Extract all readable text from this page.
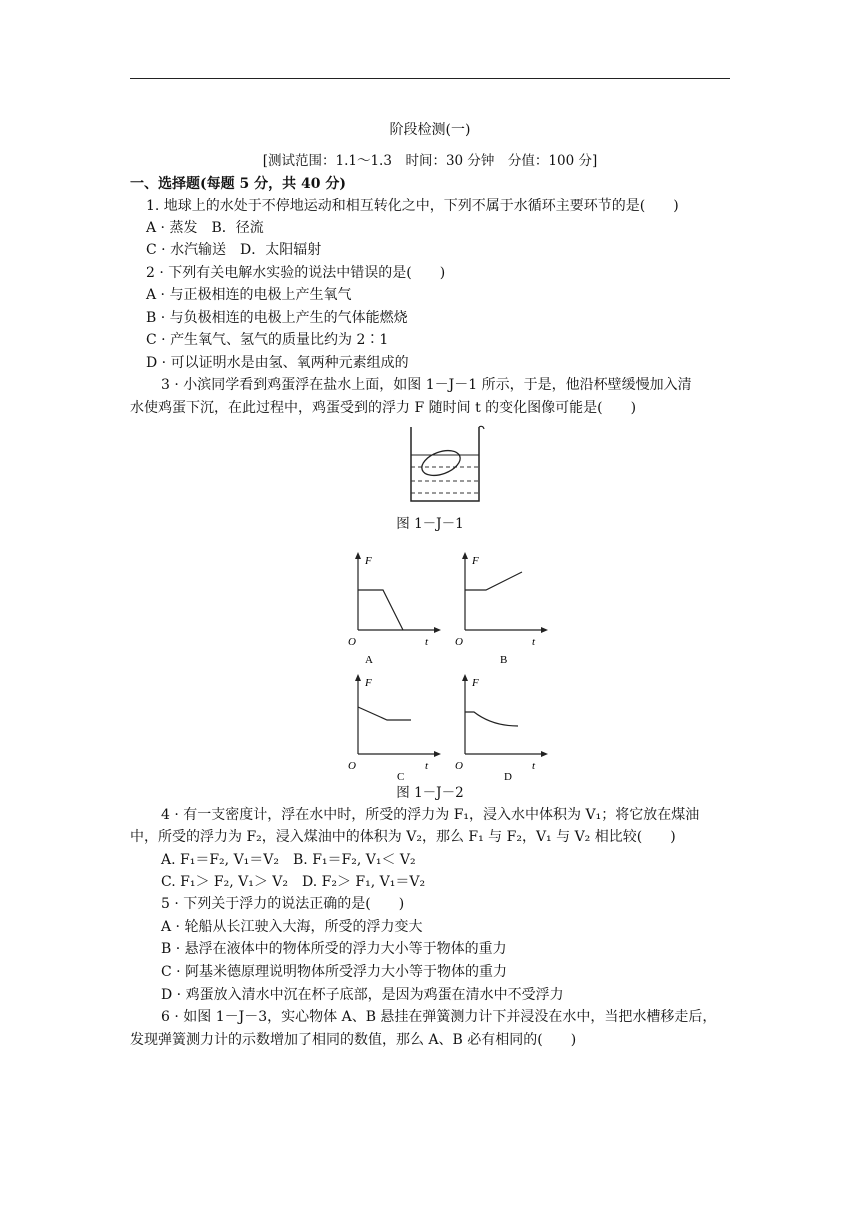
阶段检测(一)
[测试范围：1.1～1.3　时间：30 分钟　分值：100 分]
一、选择题(每题 5 分，共 40 分)
1. 地球上的水处于不停地运动和相互转化之中，下列不属于水循环主要环节的是(　　)
A · 蒸发　B．径流
C · 水汽输送　D．太阳辐射
2 · 下列有关电解水实验的说法中错误的是(　　)
A · 与正极相连的电极上产生氧气
B · 与负极相连的电极上产生的气体能燃烧
C · 产生氧气、氢气的质量比约为 2∶1
D · 可以证明水是由氢、氧两种元素组成的
3 · 小滨同学看到鸡蛋浮在盐水上面，如图 1－J－1 所示，于是，他沿杯壁缓慢加入清
水使鸡蛋下沉，在此过程中，鸡蛋受到的浮力 F 随时间 t 的变化图像可能是(　　)
图 1－J－1
F
O	t
A
F
O	t
B
F
O	t
C
F
O	t
D
图 1－J－2
4 · 有一支密度计，浮在水中时，所受的浮力为 F₁，浸入水中体积为 V₁；将它放在煤油
中，所受的浮力为 F₂，浸入煤油中的体积为 V₂，那么 F₁ 与 F₂，V₁ 与 V₂ 相比较(　　)
A. F₁＝F₂, V₁＝V₂　B. F₁＝F₂, V₁＜ V₂
C. F₁＞ F₂, V₁＞ V₂　D. F₂＞ F₁, V₁＝V₂
5 · 下列关于浮力的说法正确的是(　　)
A · 轮船从长江驶入大海，所受的浮力变大
B · 悬浮在液体中的物体所受的浮力大小等于物体的重力
C · 阿基米德原理说明物体所受浮力大小等于物体的重力
D · 鸡蛋放入清水中沉在杯子底部，是因为鸡蛋在清水中不受浮力
6 · 如图 1－J－3，实心物体 A、B 悬挂在弹簧测力计下并浸没在水中，当把水槽移走后，
发现弹簧测力计的示数增加了相同的数值，那么 A、B 必有相同的(　　)
